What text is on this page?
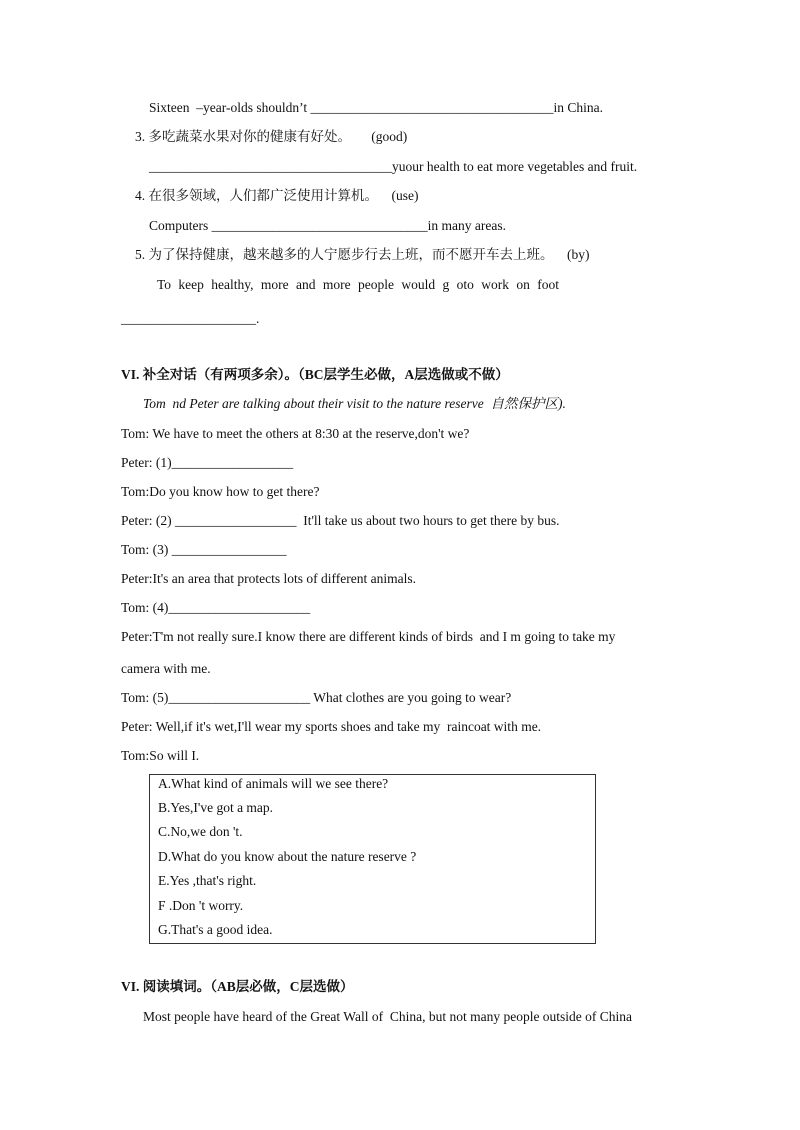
Sixteen  –year-olds shouldn’t ____________________________________in China.
3. 多吃蔬菜水果对你的健康有好处。      (good)
____________________________________yuour health to eat more vegetables and fruit.
4. 在很多领域，人们都广泛使用计算机。    (use)
Computers ________________________________in many areas.
5. 为了保持健康，越来越多的人宁愿步行去上班，而不愿开车去上班。    (by)
To keep healthy, more and more people would g oto work on foot
____________________.
VI. 补全对话（有两项多余）。（BC层学生必做，A层选做或不做）
Tom  nd Peter are talking about their visit to the nature reserve  自然保护区).
Tom: We have to meet the others at 8:30 at the reserve,don't we?
Peter: (1)__________________
Tom:Do you know how to get there?
Peter: (2) __________________  It'll take us about two hours to get there by bus.
Tom: (3) _________________
Peter:It's an area that protects lots of different animals.
Tom: (4)_____________________
Peter:T'm not really sure.I know there are different kinds of birds  and I m going to take my
camera with me.
Tom: (5)_____________________ What clothes are you going to wear?
Peter: Well,if it's wet,I'll wear my sports shoes and take my  raincoat with me.
Tom:So will I.
A.What kind of animals will we see there?
B.Yes,I've got a map.
C.No,we don 't.
D.What do you know about the nature reserve ?
E.Yes ,that's right.
F .Don 't worry.
G.That's a good idea.
VI. 阅读填词。（AB层必做，C层选做）
Most people have heard of the Great Wall of  China, but not many people outside of China
